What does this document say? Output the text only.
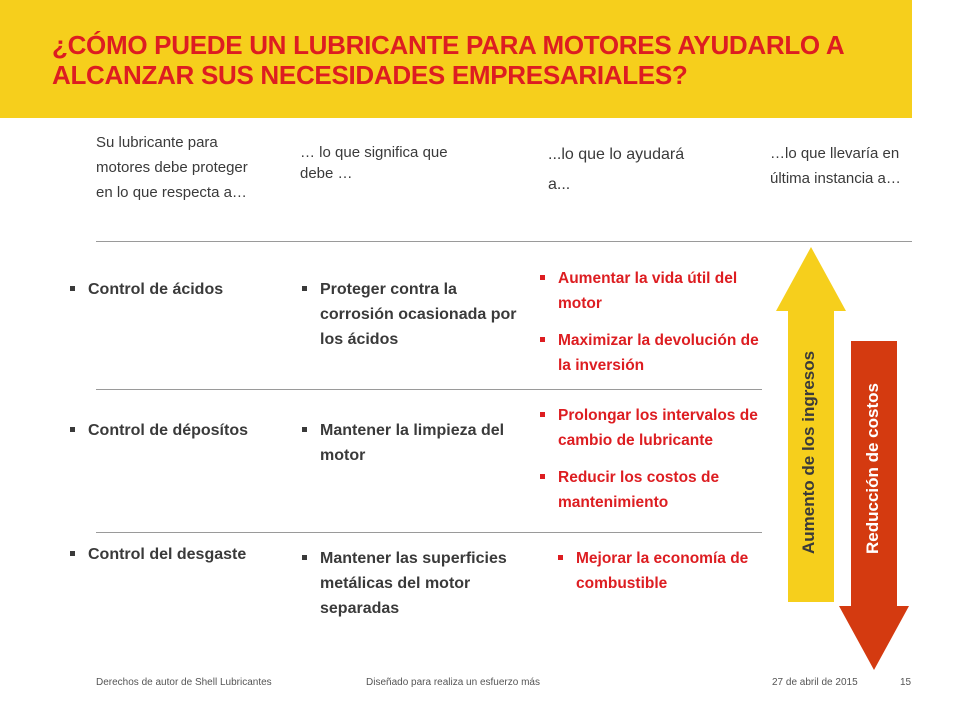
¿CÓMO PUEDE UN LUBRICANTE PARA MOTORES AYUDARLO A ALCANZAR SUS NECESIDADES EMPRESARIALES?
Su lubricante para motores debe proteger en lo que respecta a…
… lo que significa que debe …
...lo que lo ayudará a...
…lo que llevaría en última instancia a…
Control de ácidos	Proteger contra la corrosión ocasionada por los ácidos
Aumentar la vida útil del motor
Maximizar la devolución de la inversión
Control de déposítos	Mantener la limpieza del motor
Prolongar los intervalos de cambio de lubricante
Reducir los costos de mantenimiento
Control del desgaste	Mantener las superficies metálicas del motor separadas
Mejorar la economía de combustible
Aumento de los ingresos	Reducción de costos
Derechos de autor de Shell Lubricantes	Diseñado para realiza un esfuerzo más	27 de abril de 2015	15
